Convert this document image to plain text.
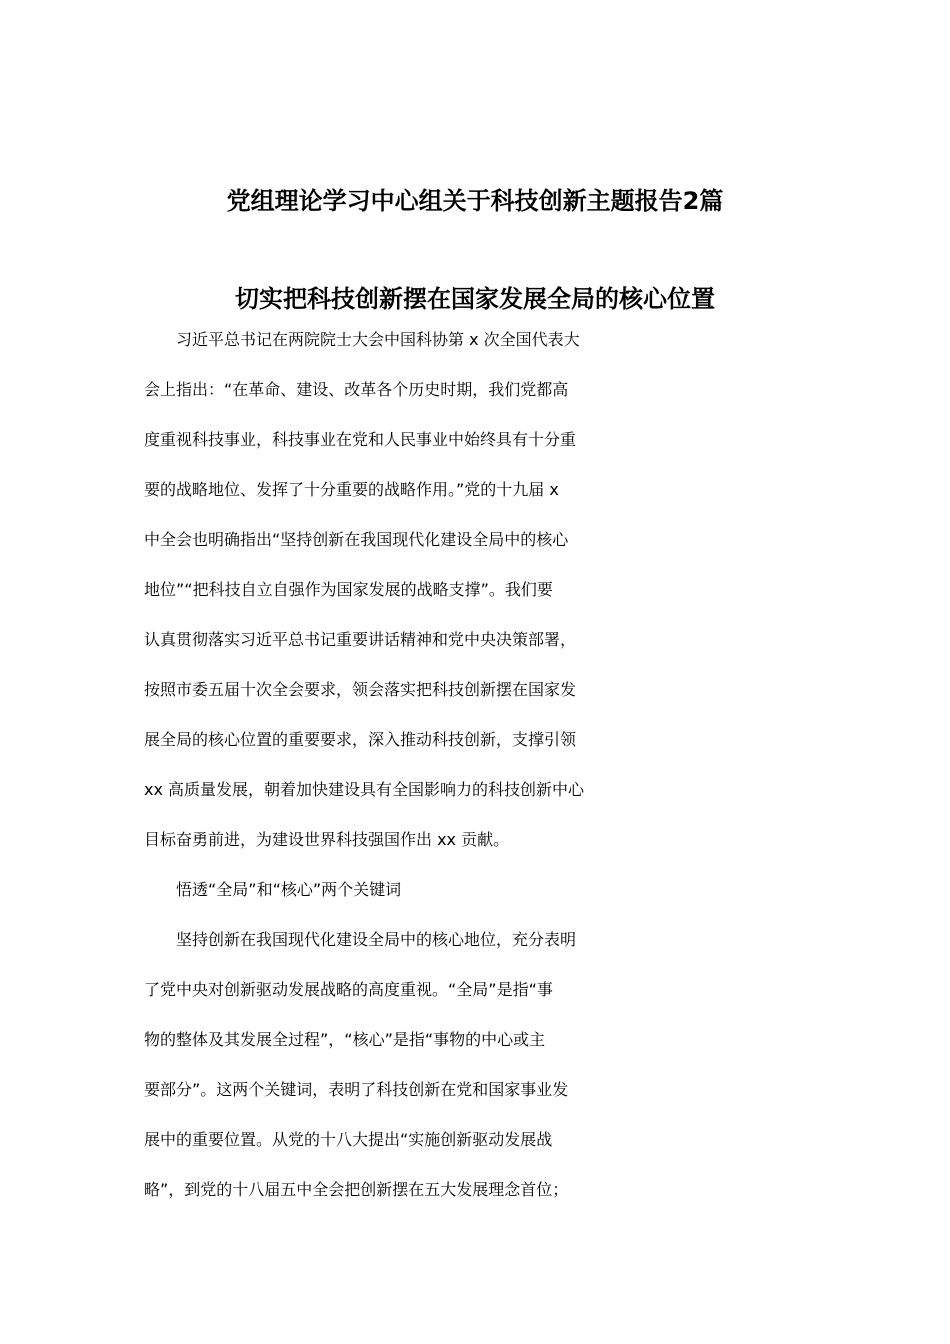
党组理论学习中心组关于科技创新主题报告2篇
切实把科技创新摆在国家发展全局的核心位置
　　习近平总书记在两院院士大会中国科协第 x 次全国代表大
会上指出：“在革命、建设、改革各个历史时期，我们党都高
度重视科技事业，科技事业在党和人民事业中始终具有十分重
要的战略地位、发挥了十分重要的战略作用。”党的十九届 x
中全会也明确指出“坚持创新在我国现代化建设全局中的核心
地位”“把科技自立自强作为国家发展的战略支撑”。我们要
认真贯彻落实习近平总书记重要讲话精神和党中央决策部署，
按照市委五届十次全会要求，领会落实把科技创新摆在国家发
展全局的核心位置的重要要求，深入推动科技创新，支撑引领
xx 高质量发展，朝着加快建设具有全国影响力的科技创新中心
目标奋勇前进，为建设世界科技强国作出 xx 贡献。
　　悟透“全局”和“核心”两个关键词
　　坚持创新在我国现代化建设全局中的核心地位，充分表明
了党中央对创新驱动发展战略的高度重视。“全局”是指“事
物的整体及其发展全过程”，“核心”是指“事物的中心或主
要部分”。这两个关键词，表明了科技创新在党和国家事业发
展中的重要位置。从党的十八大提出“实施创新驱动发展战
略”，到党的十八届五中全会把创新摆在五大发展理念首位；
